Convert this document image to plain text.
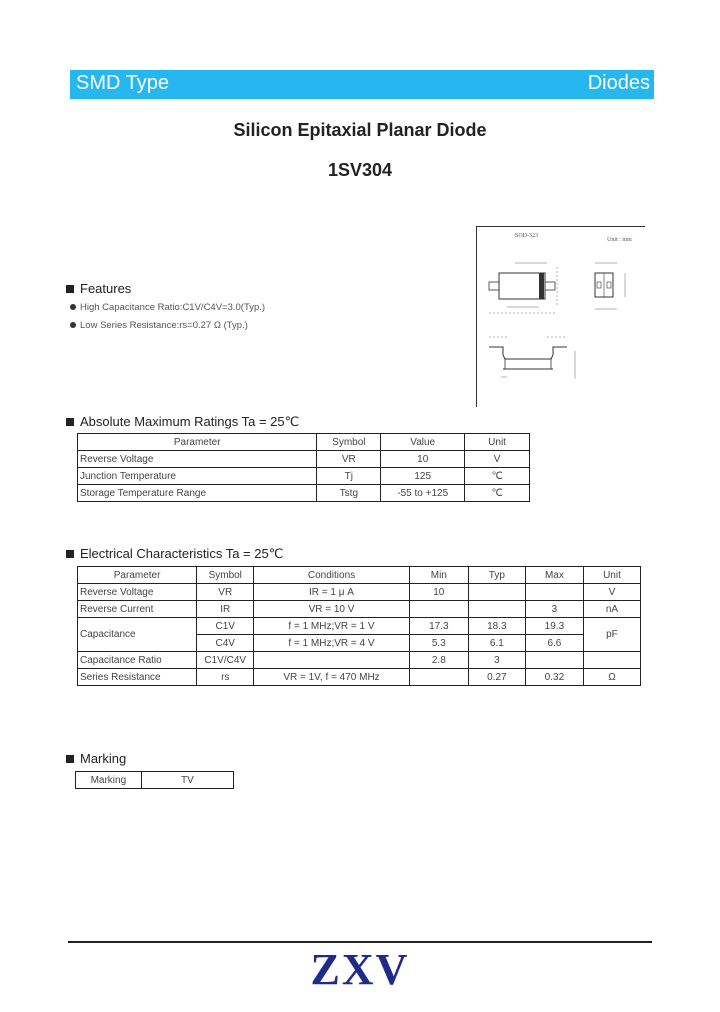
SMD Type	Diodes
Silicon Epitaxial Planar Diode
1SV304
SOD-323
Unit : mm
Features
High Capacitance Ratio:C1V/C4V=3.0(Typ.)
Low Series Resistance:rs=0.27 Ω (Typ.)
Absolute Maximum Ratings Ta = 25℃
Parameter	Symbol	Value	Unit
Reverse Voltage	VR	10	V
Junction Temperature	Tj	125	℃
Storage Temperature Range	Tstg	-55 to +125	℃
Electrical Characteristics Ta = 25℃
Parameter	Symbol	Conditions	Min	Typ	Max	Unit
Reverse Voltage	VR	IR = 1 μ A	10			V
Reverse Current	IR	VR = 10 V			3	nA
Capacitance	C1V	f = 1 MHz;VR = 1 V	17.3	18.3	19.3	pF
	C4V	f = 1 MHz;VR = 4 V	5.3	6.1	6.6	
Capacitance Ratio	C1V/C4V		2.8	3		
Series Resistance	rs	VR = 1V, f = 470 MHz		0.27	0.32	Ω
Marking
Marking	TV
ZXV
